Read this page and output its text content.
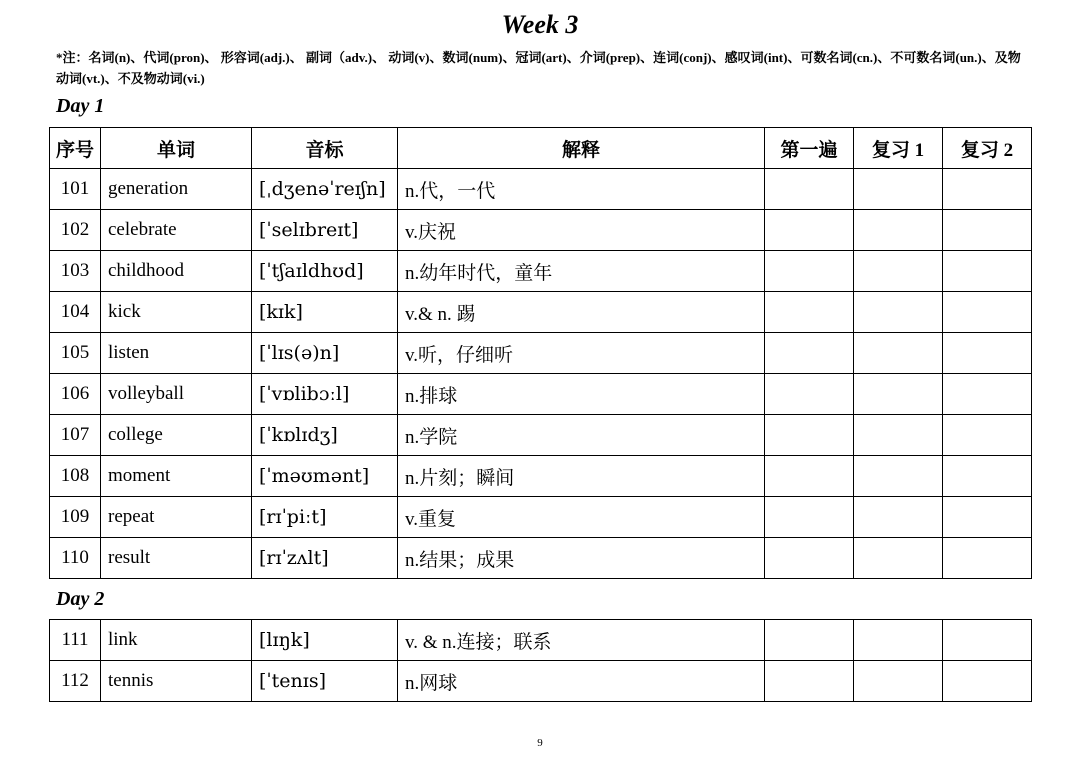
Week 3
*注：名词(n)、代词(pron)、 形容词(adj.)、 副词（adv.)、 动词(v)、数词(num)、冠词(art)、介词(prep)、连词(conj)、感叹词(int)、可数名词(cn.)、不可数名词(un.)、及物动词(vt.)、不及物动词(vi.)
Day 1
序号	单词	音标	解释	第一遍	复习 1	复习 2
101	generation	[ˌdʒenəˈreɪʃn]	n.代，一代			
102	celebrate	[ˈselɪbreɪt]	v.庆祝			
103	childhood	[ˈtʃaɪldhʊd]	n.幼年时代，童年			
104	kick	[kɪk]	v.& n. 踢			
105	listen	[ˈlɪs(ə)n]	v.听，仔细听			
106	volleyball	[ˈvɒlibɔːl]	n.排球			
107	college	[ˈkɒlɪdʒ]	n.学院			
108	moment	[ˈməʊmənt]	n.片刻；瞬间			
109	repeat	[rɪˈpiːt]	v.重复			
110	result	[rɪˈzʌlt]	n.结果；成果			
Day 2
111	link	[lɪŋk]	v. & n.连接；联系			
112	tennis	[ˈtenɪs]	n.网球			
9
